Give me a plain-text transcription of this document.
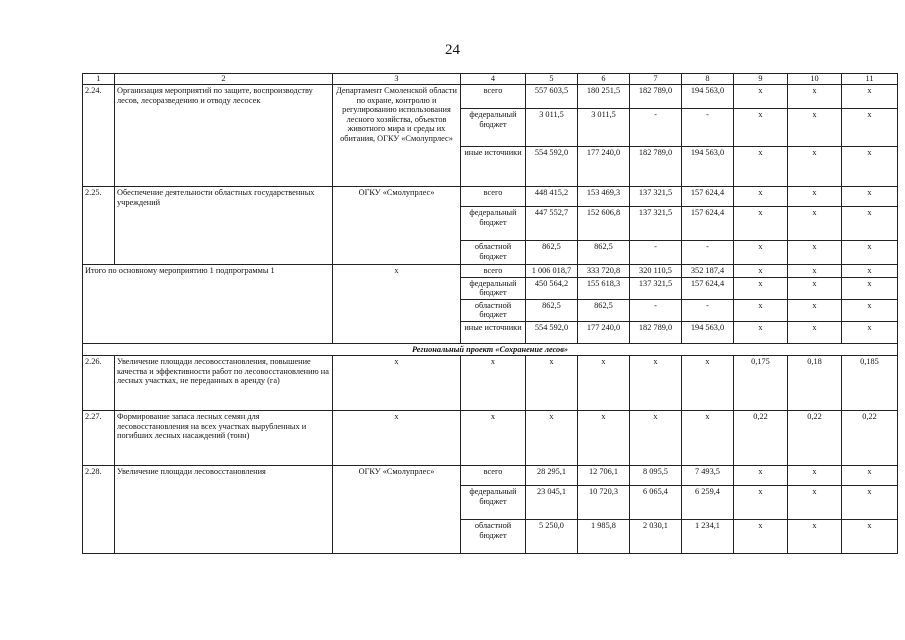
24
1	2	3	4	5	6	7	8	9	10	11
2.24.	Организация мероприятий по защите, воспроизводству лесов, лесоразведению и отводу лесосек	Департамент Смоленской области по охране, контролю и регулированию использования лесного хозяйства, объектов животного мира и среды их обитания, ОГКУ «Смолупрлес»	всего	557 603,5	180 251,5	182 789,0	194 563,0	x	x	x
			федеральный бюджет	3 011,5	3 011,5	-	-	x	x	x
			иные источники	554 592,0	177 240,0	182 789,0	194 563,0	x	x	x
2.25.	Обеспечение деятельности областных государственных учреждений	ОГКУ «Смолупрлес»	всего	448 415,2	153 469,3	137 321,5	157 624,4	x	x	x
			федеральный бюджет	447 552,7	152 606,8	137 321,5	157 624,4	x	x	x
			областной бюджет	862,5	862,5	-	-	x	x	x
Итого по основному мероприятию 1 подпрограммы 1		x	всего	1 006 018,7	333 720,8	320 110,5	352 187,4	x	x	x
			федеральный бюджет	450 564,2	155 618,3	137 321,5	157 624,4	x	x	x
			областной бюджет	862,5	862,5	-	-	x	x	x
			иные источники	554 592,0	177 240,0	182 789,0	194 563,0	x	x	x
Региональный проект «Сохранение лесов»										
2.26.	Увеличение площади лесовосстановления, повышение качества и эффективности работ по лесовосстановлению на лесных участках, не переданных в аренду (га)	x	x	x	x	x	x	0,175	0,18	0,185
2.27.	Формирование запаса лесных семян для лесовосстановления на всех участках вырубленных и погибших лесных насаждений (тонн)	x	x	x	x	x	x	0,22	0,22	0,22
2.28.	Увеличение площади лесовосстановления	ОГКУ «Смолупрлес»	всего	28 295,1	12 706,1	8 095,5	7 493,5	x	x	x
			федеральный бюджет	23 045,1	10 720,3	6 065,4	6 259,4	x	x	x
			областной бюджет	5 250,0	1 985,8	2 030,1	1 234,1	x	x	x
